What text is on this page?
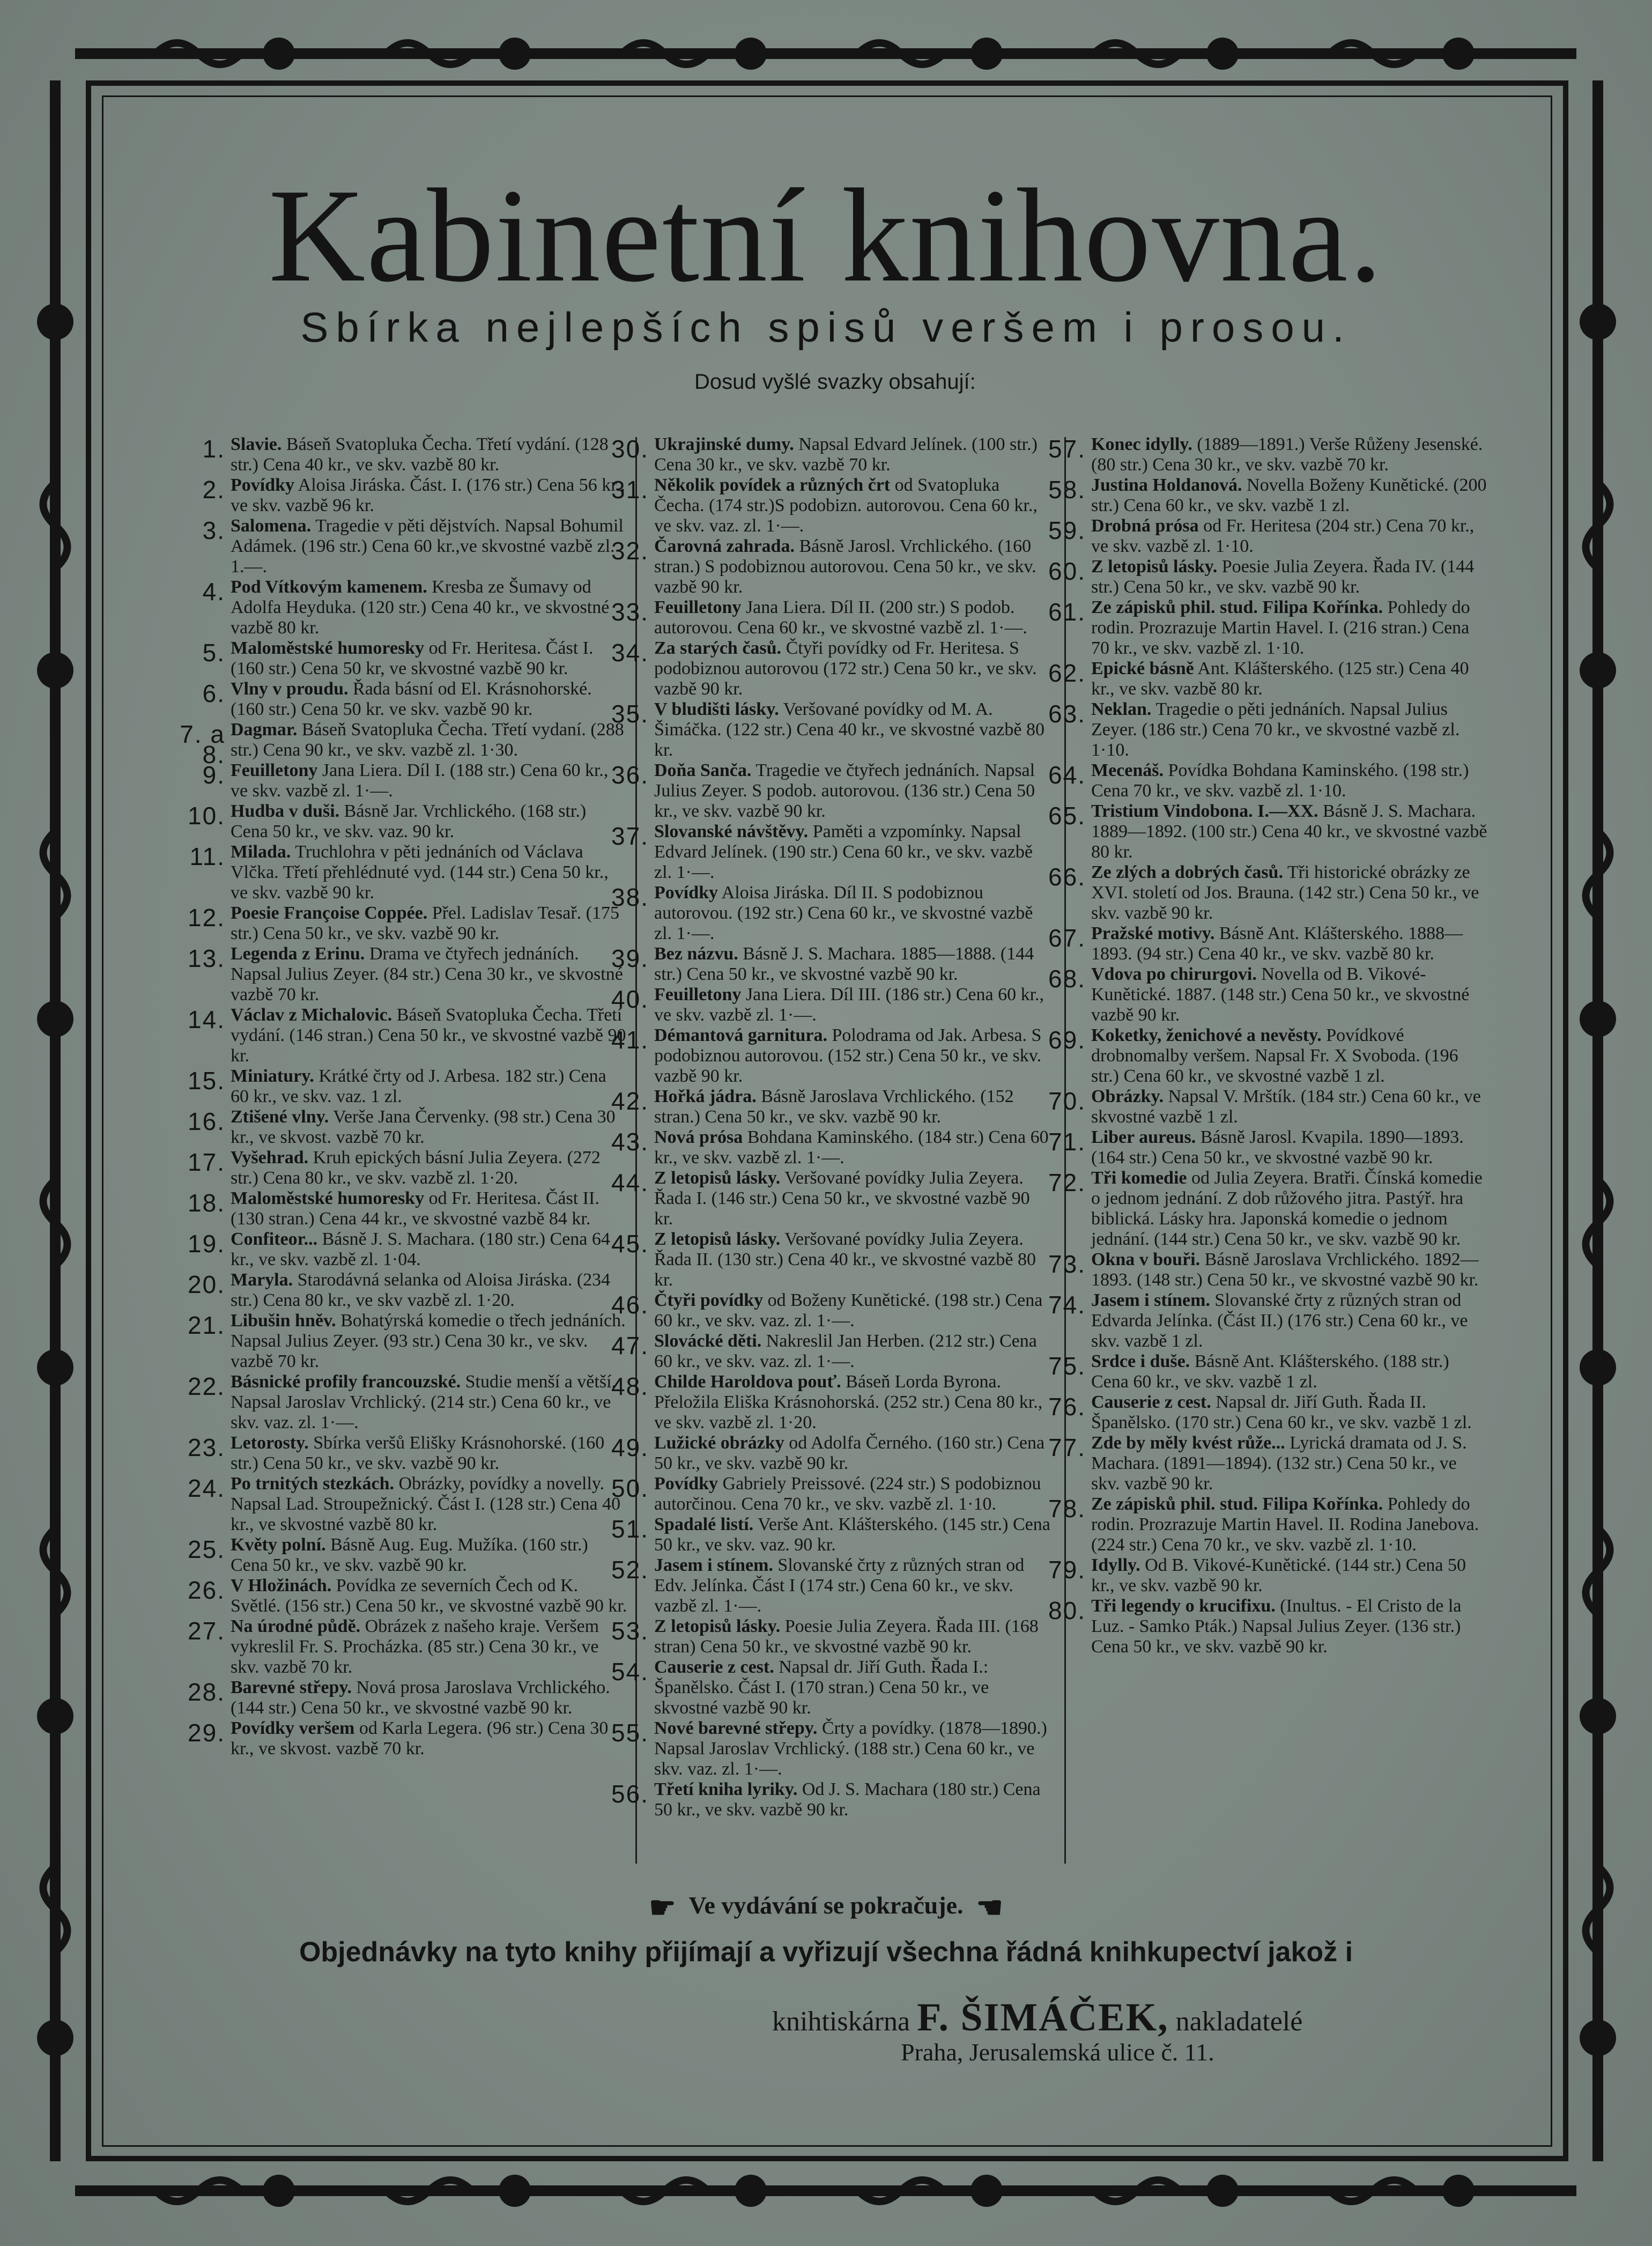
Kabinetní knihovna.
Sbírka nejlepších spisů veršem i prosou.
Dosud vyšlé svazky obsahují:
1. Slavie. Báseň Svatopluka Čecha. Třetí vydání. (128 str.) Cena 40 kr., ve skv. vazbě 80 kr.
2. Povídky Aloisa Jiráska. Část. I. (176 str.) Cena 56 kr., ve skv. vazbě 96 kr.
3. Salomena. Tragedie v pěti dějstvích. Napsal Bohumil Adámek. (196 str.) Cena 60 kr.,ve skvostné vazbě zl. 1.—.
4. Pod Vítkovým kamenem. Kresba ze Šumavy od Adolfa Heyduka. (120 str.) Cena 40 kr., ve skvostné vazbě 80 kr.
5. Maloměstské humoresky od Fr. Heritesa. Část I. (160 str.) Cena 50 kr, ve skvostné vazbě 90 kr.
6. Vlny v proudu. Řada básní od El. Krásnohorské. (160 str.) Cena 50 kr. ve skv. vazbě 90 kr.
7. a 8.
Dagmar. Báseň Svatopluka Čecha. Třetí vydaní. (288 str.) Cena 90 kr., ve skv. vazbě zl. 1·30.
9. Feuilletony Jana Liera. Díl I. (188 str.) Cena 60 kr., ve skv. vazbě zl. 1·—.
10. Hudba v duši. Básně Jar. Vrchlického. (168 str.) Cena 50 kr., ve skv. vaz. 90 kr.
11. Milada. Truchlohra v pěti jednáních od Václava Vlčka. Třetí přehlédnuté vyd. (144 str.) Cena 50 kr., ve skv. vazbě 90 kr.
12. Poesie Françoise Coppée. Přel. Ladislav Tesař. (175 str.) Cena 50 kr., ve skv. vazbě 90 kr.
13. Legenda z Erinu. Drama ve čtyřech jednáních. Napsal Julius Zeyer. (84 str.) Cena 30 kr., ve skvostné vazbě 70 kr.
14. Václav z Michalovic. Báseň Svatopluka Čecha. Třetí vydání. (146 stran.) Cena 50 kr., ve skvostné vazbě 90 kr.
15. Miniatury. Krátké črty od J. Arbesa. 182 str.) Cena 60 kr., ve skv. vaz. 1 zl.
16. Ztišené vlny. Verše Jana Červenky. (98 str.) Cena 30 kr., ve skvost. vazbě 70 kr.
17. Vyšehrad. Kruh epických básní Julia Zeyera. (272 str.) Cena 80 kr., ve skv. vazbě zl. 1·20.
18. Maloměstské humoresky od Fr. Heritesa. Část II. (130 stran.) Cena 44 kr., ve skvostné vazbě 84 kr.
19. Confiteor... Básně J. S. Machara. (180 str.) Cena 64 kr., ve skv. vazbě zl. 1·04.
20. Maryla. Starodávná selanka od Aloisa Jiráska. (234 str.) Cena 80 kr., ve skv vazbě zl. 1·20.
21. Libušin hněv. Bohatýrská komedie o třech jednáních. Napsal Julius Zeyer. (93 str.) Cena 30 kr., ve skv. vazbě 70 kr.
22. Básnické profily francouzské. Studie menší a větší. Napsal Jaroslav Vrchlický. (214 str.) Cena 60 kr., ve skv. vaz. zl. 1·—.
23. Letorosty. Sbírka veršů Elišky Krásnohorské. (160 str.) Cena 50 kr., ve skv. vazbě 90 kr.
24. Po trnitých stezkách. Obrázky, povídky a novelly. Napsal Lad. Stroupežnický. Část I. (128 str.) Cena 40 kr., ve skvostné vazbě 80 kr.
25. Květy polní. Básně Aug. Eug. Mužíka. (160 str.) Cena 50 kr., ve skv. vazbě 90 kr.
26. V Hložinách. Povídka ze severních Čech od K. Světlé. (156 str.) Cena 50 kr., ve skvostné vazbě 90 kr.
27. Na úrodné půdě. Obrázek z našeho kraje. Veršem vykreslil Fr. S. Procházka. (85 str.) Cena 30 kr., ve skv. vazbě 70 kr.
28. Barevné střepy. Nová prosa Jaroslava Vrchlického. (144 str.) Cena 50 kr., ve skvostné vazbě 90 kr.
29. Povídky veršem od Karla Legera. (96 str.) Cena 30 kr., ve skvost. vazbě 70 kr.
30. Ukrajinské dumy. Napsal Edvard Jelínek. (100 str.) Cena 30 kr., ve skv. vazbě 70 kr.
31. Několik povídek a různých črt od Svatopluka Čecha. (174 str.)S podobizn. autorovou. Cena 60 kr., ve skv. vaz. zl. 1·—.
32. Čarovná zahrada. Básně Jarosl. Vrchlického. (160 stran.) S podobiznou autorovou. Cena 50 kr., ve skv. vazbě 90 kr.
33. Feuilletony Jana Liera. Díl II. (200 str.) S podob. autorovou. Cena 60 kr., ve skvostné vazbě zl. 1·—.
34. Za starých časů. Čtyři povídky od Fr. Heritesa. S podobiznou autorovou (172 str.) Cena 50 kr., ve skv. vazbě 90 kr.
35. V bludišti lásky. Veršované povídky od M. A. Šimáčka. (122 str.) Cena 40 kr., ve skvostné vazbě 80 kr.
36. Doňa Sanča. Tragedie ve čtyřech jednáních. Napsal Julius Zeyer. S podob. autorovou. (136 str.) Cena 50 kr., ve skv. vazbě 90 kr.
37. Slovanské návštěvy. Paměti a vzpomínky. Napsal Edvard Jelínek. (190 str.) Cena 60 kr., ve skv. vazbě zl. 1·—.
38. Povídky Aloisa Jiráska. Díl II. S podobiznou autorovou. (192 str.) Cena 60 kr., ve skvostné vazbě zl. 1·—.
39. Bez názvu. Básně J. S. Machara. 1885—1888. (144 str.) Cena 50 kr., ve skvostné vazbě 90 kr.
40. Feuilletony Jana Liera. Díl III. (186 str.) Cena 60 kr., ve skv. vazbě zl. 1·—.
41. Démantová garnitura. Polodrama od Jak. Arbesa. S podobiznou autorovou. (152 str.) Cena 50 kr., ve skv. vazbě 90 kr.
42. Hořká jádra. Básně Jaroslava Vrchlického. (152 stran.) Cena 50 kr., ve skv. vazbě 90 kr.
43. Nová prósa Bohdana Kaminského. (184 str.) Cena 60 kr., ve skv. vazbě zl. 1·—.
44. Z letopisů lásky. Veršované povídky Julia Zeyera. Řada I. (146 str.) Cena 50 kr., ve skvostné vazbě 90 kr.
45. Z letopisů lásky. Veršované povídky Julia Zeyera. Řada II. (130 str.) Cena 40 kr., ve skvostné vazbě 80 kr.
46. Čtyři povídky od Boženy Kunětické. (198 str.) Cena 60 kr., ve skv. vaz. zl. 1·—.
47. Slovácké děti. Nakreslil Jan Herben. (212 str.) Cena 60 kr., ve skv. vaz. zl. 1·—.
48. Childe Haroldova pouť. Báseň Lorda Byrona. Přeložila Eliška Krásnohorská. (252 str.) Cena 80 kr., ve skv. vazbě zl. 1·20.
49. Lužické obrázky od Adolfa Černého. (160 str.) Cena 50 kr., ve skv. vazbě 90 kr.
50. Povídky Gabriely Preissové. (224 str.) S podobiznou autorčinou. Cena 70 kr., ve skv. vazbě zl. 1·10.
51. Spadalé listí. Verše Ant. Klášterského. (145 str.) Cena 50 kr., ve skv. vaz. 90 kr.
52. Jasem i stínem. Slovanské črty z různých stran od Edv. Jelínka. Část I (174 str.) Cena 60 kr., ve skv. vazbě zl. 1·—.
53. Z letopisů lásky. Poesie Julia Zeyera. Řada III. (168 stran) Cena 50 kr., ve skvostné vazbě 90 kr.
54. Causerie z cest. Napsal dr. Jiří Guth. Řada I.: Španělsko. Část I. (170 stran.) Cena 50 kr., ve skvostné vazbě 90 kr.
55. Nové barevné střepy. Črty a povídky. (1878—1890.) Napsal Jaroslav Vrchlický. (188 str.) Cena 60 kr., ve skv. vaz. zl. 1·—.
56. Třetí kniha lyriky. Od J. S. Machara (180 str.) Cena 50 kr., ve skv. vazbě 90 kr.
57. Konec idylly. (1889—1891.) Verše Růženy Jesenské. (80 str.) Cena 30 kr., ve skv. vazbě 70 kr.
58. Justina Holdanová. Novella Boženy Kunětické. (200 str.) Cena 60 kr., ve skv. vazbě 1 zl.
59. Drobná prósa od Fr. Heritesa (204 str.) Cena 70 kr., ve skv. vazbě zl. 1·10.
60. Z letopisů lásky. Poesie Julia Zeyera. Řada IV. (144 str.) Cena 50 kr., ve skv. vazbě 90 kr.
61. Ze zápisků phil. stud. Filipa Kořínka. Pohledy do rodin. Prozrazuje Martin Havel. I. (216 stran.) Cena 70 kr., ve skv. vazbě zl. 1·10.
62. Epické básně Ant. Klášterského. (125 str.) Cena 40 kr., ve skv. vazbě 80 kr.
63. Neklan. Tragedie o pěti jednáních. Napsal Julius Zeyer. (186 str.) Cena 70 kr., ve skvostné vazbě zl. 1·10.
64. Mecenáš. Povídka Bohdana Kaminského. (198 str.) Cena 70 kr., ve skv. vazbě zl. 1·10.
65. Tristium Vindobona. I.—XX. Básně J. S. Machara. 1889—1892. (100 str.) Cena 40 kr., ve skvostné vazbě 80 kr.
66. Ze zlých a dobrých časů. Tři historické obrázky ze XVI. století od Jos. Brauna. (142 str.) Cena 50 kr., ve skv. vazbě 90 kr.
67. Pražské motivy. Básně Ant. Klášterského. 1888—1893. (94 str.) Cena 40 kr., ve skv. vazbě 80 kr.
68. Vdova po chirurgovi. Novella od B. Vikové-Kunětické. 1887. (148 str.) Cena 50 kr., ve skvostné vazbě 90 kr.
69. Koketky, ženichové a nevěsty. Povídkové drobnomalby veršem. Napsal Fr. X Svoboda. (196 str.) Cena 60 kr., ve skvostné vazbě 1 zl.
70. Obrázky. Napsal V. Mrštík. (184 str.) Cena 60 kr., ve skvostné vazbě 1 zl.
71. Liber aureus. Básně Jarosl. Kvapila. 1890—1893. (164 str.) Cena 50 kr., ve skvostné vazbě 90 kr.
72. Tři komedie od Julia Zeyera. Bratři. Čínská komedie o jednom jednání. Z dob růžového jitra. Pastýř. hra biblická. Lásky hra. Japonská komedie o jednom jednání. (144 str.) Cena 50 kr., ve skv. vazbě 90 kr.
73. Okna v bouři. Básně Jaroslava Vrchlického. 1892—1893. (148 str.) Cena 50 kr., ve skvostné vazbě 90 kr.
74. Jasem i stínem. Slovanské črty z různých stran od Edvarda Jelínka. (Část II.) (176 str.) Cena 60 kr., ve skv. vazbě 1 zl.
75. Srdce i duše. Básně Ant. Klášterského. (188 str.) Cena 60 kr., ve skv. vazbě 1 zl.
76. Causerie z cest. Napsal dr. Jiří Guth. Řada II. Španělsko. (170 str.) Cena 60 kr., ve skv. vazbě 1 zl.
77. Zde by měly kvést růže... Lyrická dramata od J. S. Machara. (1891—1894). (132 str.) Cena 50 kr., ve skv. vazbě 90 kr.
78. Ze zápisků phil. stud. Filipa Kořínka. Pohledy do rodin. Prozrazuje Martin Havel. II. Rodina Janebova. (224 str.) Cena 70 kr., ve skv. vazbě zl. 1·10.
79. Idylly. Od B. Vikové-Kunětické. (144 str.) Cena 50 kr., ve skv. vazbě 90 kr.
80. Tři legendy o krucifixu. (Inultus. - El Cristo de la Luz. - Samko Pták.) Napsal Julius Zeyer. (136 str.) Cena 50 kr., ve skv. vazbě 90 kr.
☛ Ve vydávání se pokračuje. ☚
Objednávky na tyto knihy přijímají a vyřizují všechna řádná knihkupectví jakož i
knihtiskárna F. ŠIMÁČEK, nakladatelé
Praha, Jerusalemská ulice č. 11.
